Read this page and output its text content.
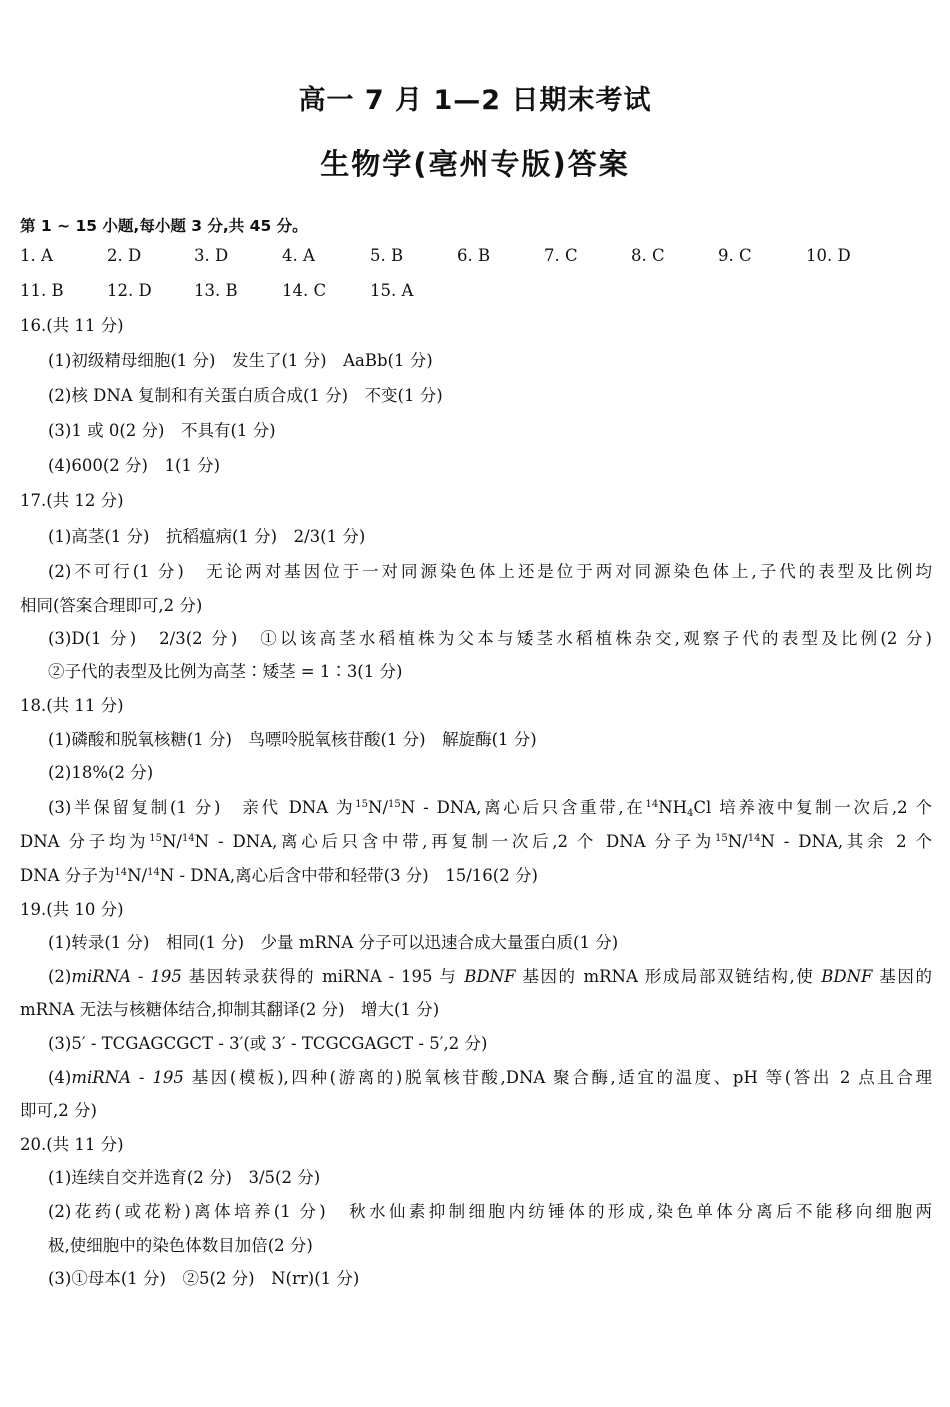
高一 7 月 1—2 日期末考试
生物学(亳州专版)答案
第 1 ~ 15 小题,每小题 3 分,共 45 分。
1. A	2. D	3. D	4. A	5. B	6. B	7. C	8. C	9. C	10. D
11. B	12. D	13. B	14. C	15. A
16.(共 11 分)
(1)初级精母细胞(1 分)　发生了(1 分)　AaBb(1 分)
(2)核 DNA 复制和有关蛋白质合成(1 分)　不变(1 分)
(3)1 或 0(2 分)　不具有(1 分)
(4)600(2 分)　1(1 分)
17.(共 12 分)
(1)高茎(1 分)　抗稻瘟病(1 分)　2/3(1 分)
(2)不可行(1 分)　无论两对基因位于一对同源染色体上还是位于两对同源染色体上,子代的表型及比例均
相同(答案合理即可,2 分)
(3)D(1 分)　2/3(2 分)　①以该高茎水稻植株为父本与矮茎水稻植株杂交,观察子代的表型及比例(2 分)
②子代的表型及比例为高茎∶矮茎 = 1∶3(1 分)
18.(共 11 分)
(1)磷酸和脱氧核糖(1 分)　鸟嘌呤脱氧核苷酸(1 分)　解旋酶(1 分)
(2)18%(2 分)
(3)半保留复制(1 分)　亲代 DNA 为$^{15}$N/$^{15}$N - DNA,离心后只含重带,在$^{14}NH_4Cl$ 培养液中复制一次后,2 个
DNA 分子均为$^{15}$N/$^{14}$N - DNA,离心后只含中带,再复制一次后,2 个 DNA 分子为$^{15}$N/$^{14}$N - DNA,其余 2 个
DNA 分子为$^{14}$N/$^{14}$N - DNA,离心后含中带和轻带(3 分)　15/16(2 分)
19.(共 10 分)
(1)转录(1 分)　相同(1 分)　少量 mRNA 分子可以迅速合成大量蛋白质(1 分)
(2)miRNA - 195 基因转录获得的 miRNA - 195 与 BDNF 基因的 mRNA 形成局部双链结构,使 BDNF 基因的
mRNA 无法与核糖体结合,抑制其翻译(2 分)　增大(1 分)
(3)5′ - TCGAGCGCT - 3′(或 3′ - TCGCGAGCT - 5′,2 分)
(4)miRNA - 195 基因(模板),四种(游离的)脱氧核苷酸,DNA 聚合酶,适宜的温度、pH 等(答出 2 点且合理
即可,2 分)
20.(共 11 分)
(1)连续自交并选育(2 分)　3/5(2 分)
(2)花药(或花粉)离体培养(1 分)　秋水仙素抑制细胞内纺锤体的形成,染色单体分离后不能移向细胞两
极,使细胞中的染色体数目加倍(2 分)
(3)①母本(1 分)　②5(2 分)　N(rr)(1 分)
